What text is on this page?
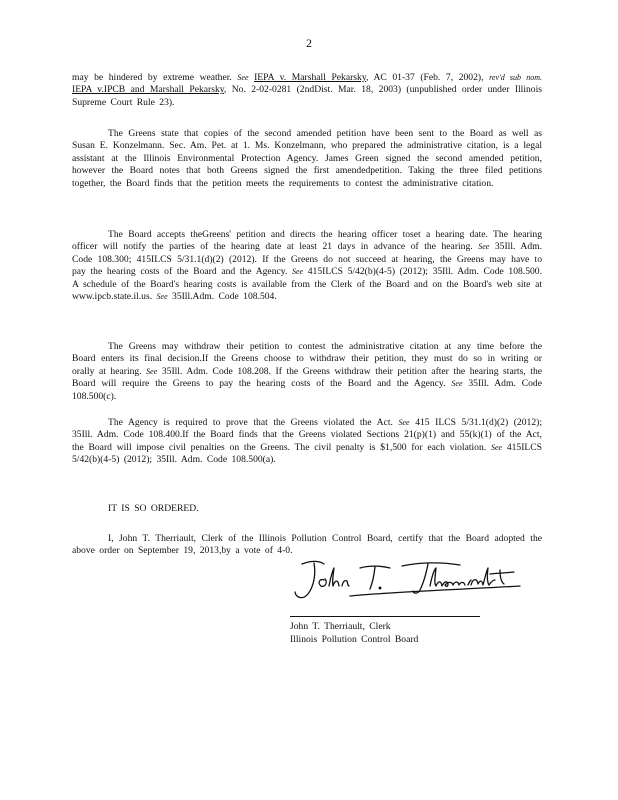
2
may be hindered by extreme weather. See IEPA v. Marshall Pekarsky, AC 01-37 (Feb. 7, 2002), rev'd sub nom. IEPA v.IPCB and Marshall Pekarsky, No. 2-02-0281 (2ndDist. Mar. 18, 2003) (unpublished order under Illinois Supreme Court Rule 23).
The Greens state that copies of the second amended petition have been sent to the Board as well as Susan E. Konzelmann. Sec. Am. Pet. at 1. Ms. Konzelmann, who prepared the administrative citation, is a legal assistant at the Illinois Environmental Protection Agency. James Green signed the second amended petition, however the Board notes that both Greens signed the first amendedpetition. Taking the three filed petitions together, the Board finds that the petition meets the requirements to contest the administrative citation.
The Board accepts theGreens' petition and directs the hearing officer toset a hearing date. The hearing officer will notify the parties of the hearing date at least 21 days in advance of the hearing. See 35Ill. Adm. Code 108.300; 415ILCS 5/31.1(d)(2) (2012). If the Greens do not succeed at hearing, the Greens may have to pay the hearing costs of the Board and the Agency. See 415ILCS 5/42(b)(4-5) (2012); 35Ill. Adm. Code 108.500. A schedule of the Board's hearing costs is available from the Clerk of the Board and on the Board's web site at www.ipcb.state.il.us. See 35Ill.Adm. Code 108.504.
The Greens may withdraw their petition to contest the administrative citation at any time before the Board enters its final decision.If the Greens choose to withdraw their petition, they must do so in writing or orally at hearing. See 35Ill. Adm. Code 108.208. If the Greens withdraw their petition after the hearing starts, the Board will require the Greens to pay the hearing costs of the Board and the Agency. See 35Ill. Adm. Code 108.500(c).
The Agency is required to prove that the Greens violated the Act. See 415 ILCS 5/31.1(d)(2) (2012); 35Ill. Adm. Code 108.400.If the Board finds that the Greens violated Sections 21(p)(1) and 55(k)(1) of the Act, the Board will impose civil penalties on the Greens. The civil penalty is $1,500 for each violation. See 415ILCS 5/42(b)(4-5) (2012); 35Ill. Adm. Code 108.500(a).
IT IS SO ORDERED.
I, John T. Therriault, Clerk of the Illinois Pollution Control Board, certify that the Board adopted the above order on September 19, 2013,by a vote of 4-0.
John T. Therriault, Clerk
Illinois Pollution Control Board
